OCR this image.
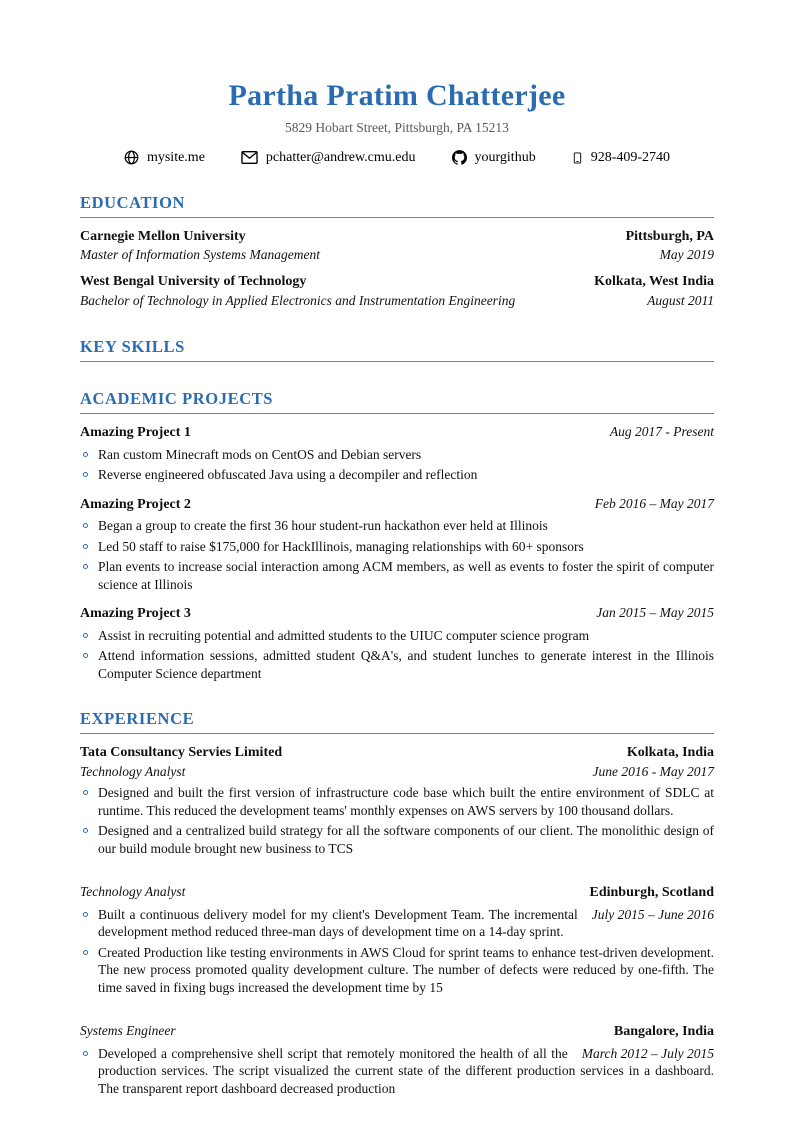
Partha Pratim Chatterjee
5829 Hobart Street, Pittsburgh, PA 15213
mysite.me	pchatter@andrew.cmu.edu	yourgithub	928-409-2740
EDUCATION
Carnegie Mellon University	Pittsburgh, PA
Master of Information Systems Management	May 2019
West Bengal University of Technology	Kolkata, West India
Bachelor of Technology in Applied Electronics and Instrumentation Engineering	August 2011
KEY SKILLS
ACADEMIC PROJECTS
Amazing Project 1	Aug 2017 - Present
Ran custom Minecraft mods on CentOS and Debian servers
Reverse engineered obfuscated Java using a decompiler and reflection
Amazing Project 2	Feb 2016 – May 2017
Began a group to create the first 36 hour student-run hackathon ever held at Illinois
Led 50 staff to raise $175,000 for HackIllinois, managing relationships with 60+ sponsors
Plan events to increase social interaction among ACM members, as well as events to foster the spirit of computer science at Illinois
Amazing Project 3	Jan 2015 – May 2015
Assist in recruiting potential and admitted students to the UIUC computer science program
Attend information sessions, admitted student Q&A's, and student lunches to generate interest in the Illinois Computer Science department
EXPERIENCE
Tata Consultancy Servies Limited	Kolkata, India
Technology Analyst	June 2016 - May 2017
Designed and built the first version of infrastructure code base which built the entire environment of SDLC at runtime. This reduced the development teams' monthly expenses on AWS servers by 100 thousand dollars.
Designed and a centralized build strategy for all the software components of our client. The monolithic design of our build module brought new business to TCS
Technology Analyst	Edinburgh, Scotland
July 2015 – June 2016
Built a continuous delivery model for my client's Development Team. The incremental development method reduced three-man days of development time on a 14-day sprint.
Created Production like testing environments in AWS Cloud for sprint teams to enhance test-driven development. The new process promoted quality development culture. The number of defects were reduced by one-fifth. The time saved in fixing bugs increased the development time by 15
Systems Engineer	Bangalore, India
March 2012 – July 2015
Developed a comprehensive shell script that remotely monitored the health of all the production services. The script visualized the current state of the different production services in a dashboard. The transparent report dashboard decreased production
